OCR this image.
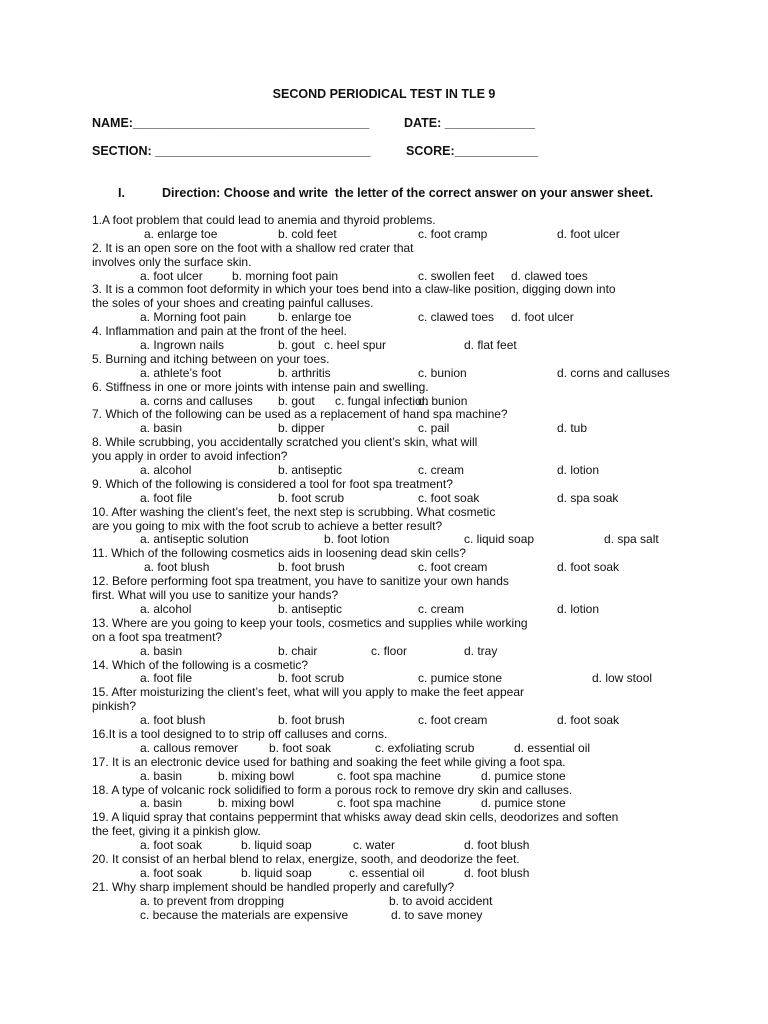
SECOND PERIODICAL TEST IN TLE 9
NAME:__________________________________	DATE: _____________
SECTION: _______________________________	SCORE:____________
I.	Direction: Choose and write  the letter of the correct answer on your answer sheet.
1.A foot problem that could lead to anemia and thyroid problems.
a. enlarge toe	b. cold feet	c. foot cramp	d. foot ulcer
2. It is an open sore on the foot with a shallow red crater that
involves only the surface skin.
a. foot ulcer b. morning foot pain	c. swollen feet d. clawed toes
3. It is a common foot deformity in which your toes bend into a claw-like position, digging down into
the soles of your shoes and creating painful calluses.
a. Morning foot pain	b. enlarge toe	c. clawed toes d. foot ulcer
4. Inflammation and pain at the front of the heel.
a. Ingrown nails	b. gout c. heel spur	d. flat feet
5. Burning and itching between on your toes.
a. athlete’s foot	b. arthritis	c. bunion	d. corns and calluses
6. Stiffness in one or more joints with intense pain and swelling.
a. corns and calluses b. gout c. fungal infection
d. bunion
7. Which of the following can be used as a replacement of hand spa machine?
a. basin	b. dipper	c. pail	d. tub
8. While scrubbing, you accidentally scratched you client’s skin, what will
you apply in order to avoid infection?
a. alcohol	b. antiseptic	c. cream	d. lotion
9. Which of the following is considered a tool for foot spa treatment?
a. foot file	b. foot scrub	c. foot soak	d. spa soak
10. After washing the client’s feet, the next step is scrubbing. What cosmetic
are you going to mix with the foot scrub to achieve a better result?
a. antiseptic solution	b. foot lotion	c. liquid soap	d. spa salt
11. Which of the following cosmetics aids in loosening dead skin cells?
a. foot blush	b. foot brush	c. foot cream	d. foot soak
12. Before performing foot spa treatment, you have to sanitize your own hands
first. What will you use to sanitize your hands?
a. alcohol	b. antiseptic	c. cream	d. lotion
13. Where are you going to keep your tools, cosmetics and supplies while working
on a foot spa treatment?
a. basin	b. chair	c. floor	d. tray
14. Which of the following is a cosmetic?
a. foot file	b. foot scrub	c. pumice stone	d. low stool
15. After moisturizing the client’s feet, what will you apply to make the feet appear
pinkish?
a. foot blush	b. foot brush	c. foot cream	d. foot soak
16.It is a tool designed to to strip off calluses and corns.
a. callous remover	b. foot soak	c. exfoliating scrub	d. essential oil
17. It is an electronic device used for bathing and soaking the feet while giving a foot spa.
a. basin	b. mixing bowl	c. foot spa machine	d. pumice stone
18. A type of volcanic rock solidified to form a porous rock to remove dry skin and calluses.
a. basin	b. mixing bowl	c. foot spa machine	d. pumice stone
19. A liquid spray that contains peppermint that whisks away dead skin cells, deodorizes and soften
the feet, giving it a pinkish glow.
a. foot soak	b. liquid soap	c. water	d. foot blush
20. It consist of an herbal blend to relax, energize, sooth, and deodorize the feet.
a. foot soak	b. liquid soap	c. essential oil	d. foot blush
21. Why sharp implement should be handled properly and carefully?
a. to prevent from dropping	b. to avoid accident
c. because the materials are expensive	d. to save money
